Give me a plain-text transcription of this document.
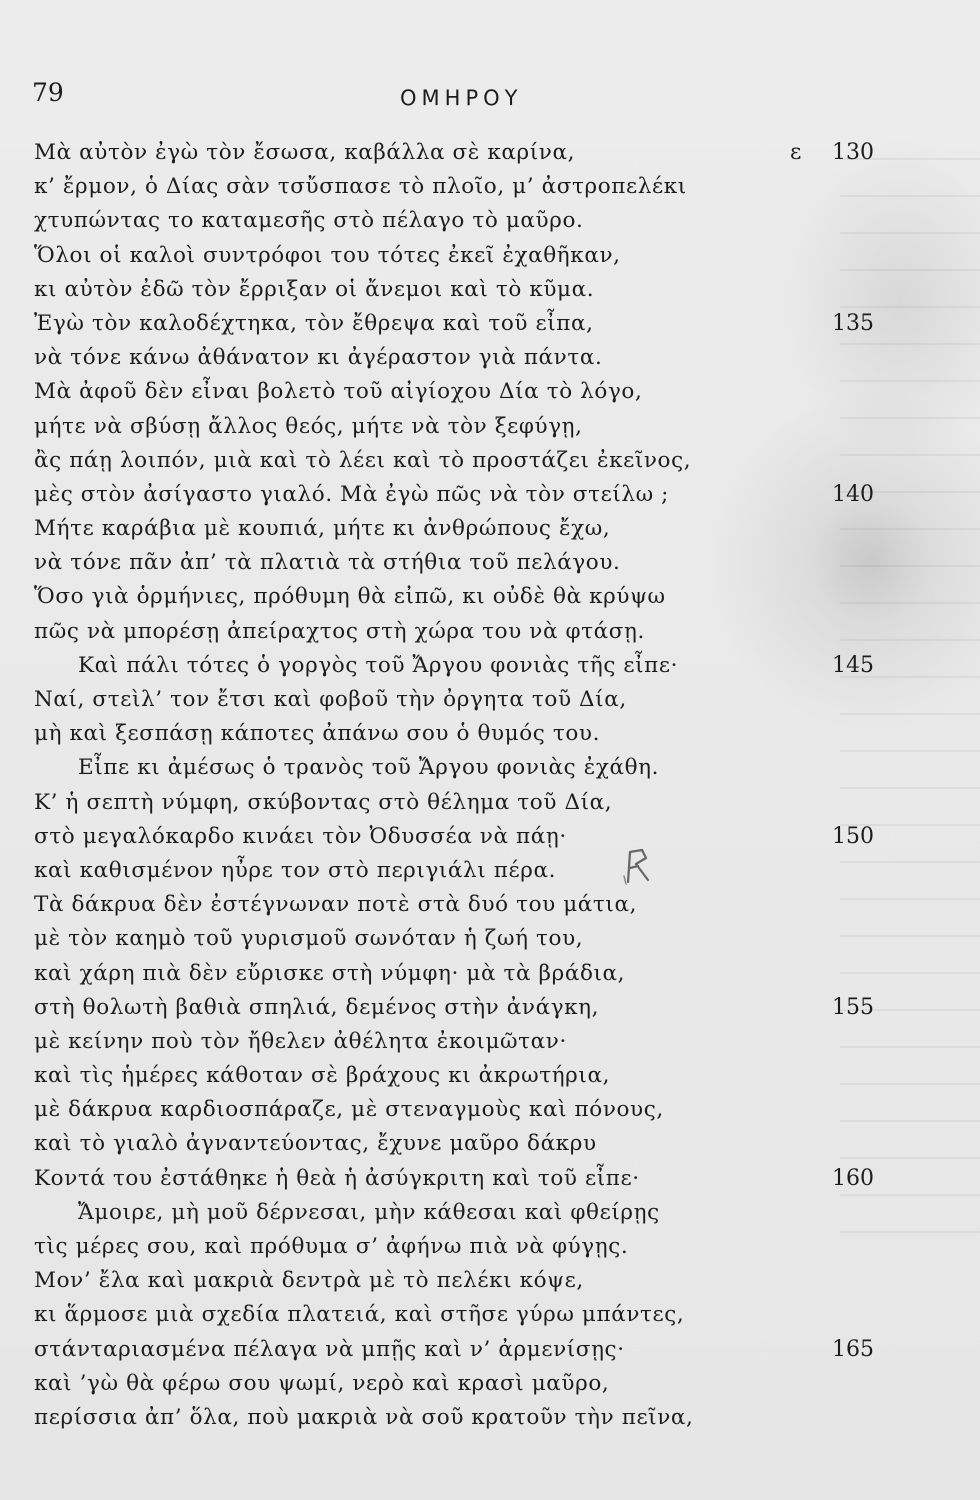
79	ΟΜΗΡΟΥ
Μὰ αὐτὸν ἐγὼ τὸν ἔσωσα, καβάλλα σὲ καρίνα,	ε 130
κ’ ἔρμον, ὁ Δίας σὰν τσὔσπασε τὸ πλοῖο, μ’ ἀστροπελέκι
χτυπώντας το καταμεσῆς στὸ πέλαγο τὸ μαῦρο.
Ὅλοι οἱ καλοὶ συντρόφοι του τότες ἐκεῖ ἐχαθῆκαν,
κι αὐτὸν ἐδῶ τὸν ἔρριξαν οἱ ἄνεμοι καὶ τὸ κῦμα.
Ἐγὼ τὸν καλοδέχτηκα, τὸν ἔθρεψα καὶ τοῦ εἶπα,	135
νὰ τόνε κάνω ἀθάνατον κι ἀγέραστον γιὰ πάντα.
Μὰ ἀφοῦ δὲν εἶναι βολετὸ τοῦ αἰγίοχου Δία τὸ λόγο,
μήτε νὰ σβύσῃ ἄλλος θεός, μήτε νὰ τὸν ξεφύγῃ,
ἂς πάῃ λοιπόν, μιὰ καὶ τὸ λέει καὶ τὸ προστάζει ἐκεῖνος,
μὲς στὸν ἀσίγαστο γιαλό. Μὰ ἐγὼ πῶς νὰ τὸν στείλω ;	140
Μήτε καράβια μὲ κουπιά, μήτε κι ἀνθρώπους ἔχω,
νὰ τόνε πᾶν ἀπ’ τὰ πλατιὰ τὰ στήθια τοῦ πελάγου.
Ὅσο γιὰ ὁρμήνιες, πρόθυμη θὰ εἰπῶ, κι οὐδὲ θὰ κρύψω
πῶς νὰ μπορέσῃ ἀπείραχτος στὴ χώρα του νὰ φτάσῃ.
Καὶ πάλι τότες ὁ γοργὸς τοῦ Ἄργου φονιὰς τῆς εἶπε·	145
Ναί, στεὶλ’ τον ἔτσι καὶ φοβοῦ τὴν ὀργητα τοῦ Δία,
μὴ καὶ ξεσπάσῃ κάποτες ἀπάνω σου ὁ θυμός του.
Εἶπε κι ἀμέσως ὁ τρανὸς τοῦ Ἄργου φονιὰς ἐχάθη.
Κ’ ἡ σεπτὴ νύμφη, σκύβοντας στὸ θέλημα τοῦ Δία,
στὸ μεγαλόκαρδο κινάει τὸν Ὀδυσσέα νὰ πάῃ·	150
καὶ καθισμένον ηὖρε τον στὸ περιγιάλι πέρα.
Τὰ δάκρυα δὲν ἐστέγνωναν ποτὲ στὰ δυό του μάτια,
μὲ τὸν καημὸ τοῦ γυρισμοῦ σωνόταν ἡ ζωή του,
καὶ χάρη πιὰ δὲν εὔρισκε στὴ νύμφη· μὰ τὰ βράδια,
στὴ θολωτὴ βαθιὰ σπηλιά, δεμένος στὴν ἀνάγκη,	155
μὲ κείνην ποὺ τὸν ἤθελεν ἀθέλητα ἐκοιμῶταν·
καὶ τὶς ἡμέρες κάθοταν σὲ βράχους κι ἀκρωτήρια,
μὲ δάκρυα καρδιοσπάραζε, μὲ στεναγμοὺς καὶ πόνους,
καὶ τὸ γιαλὸ ἀγναντεύοντας, ἔχυνε μαῦρο δάκρυ
Κοντά του ἐστάθηκε ἡ θεὰ ἡ ἀσύγκριτη καὶ τοῦ εἶπε·	160
Ἄμοιρε, μὴ μοῦ δέρνεσαι, μὴν κάθεσαι καὶ φθείρῃς
τὶς μέρες σου, καὶ πρόθυμα σ’ ἀφήνω πιὰ νὰ φύγῃς.
Μον’ ἔλα καὶ μακριὰ δεντρὰ μὲ τὸ πελέκι κόψε,
κι ἅρμοσε μιὰ σχεδία πλατειά, καὶ στῆσε γύρω μπάντες,
στάνταριασμένα πέλαγα νὰ μπῇς καὶ ν’ ἀρμενίσῃς·	165
καὶ ’γὼ θὰ φέρω σου ψωμί, νερὸ καὶ κρασὶ μαῦρο,
περίσσια ἀπ’ ὅλα, ποὺ μακριὰ νὰ σοῦ κρατοῦν τὴν πεῖνα,
